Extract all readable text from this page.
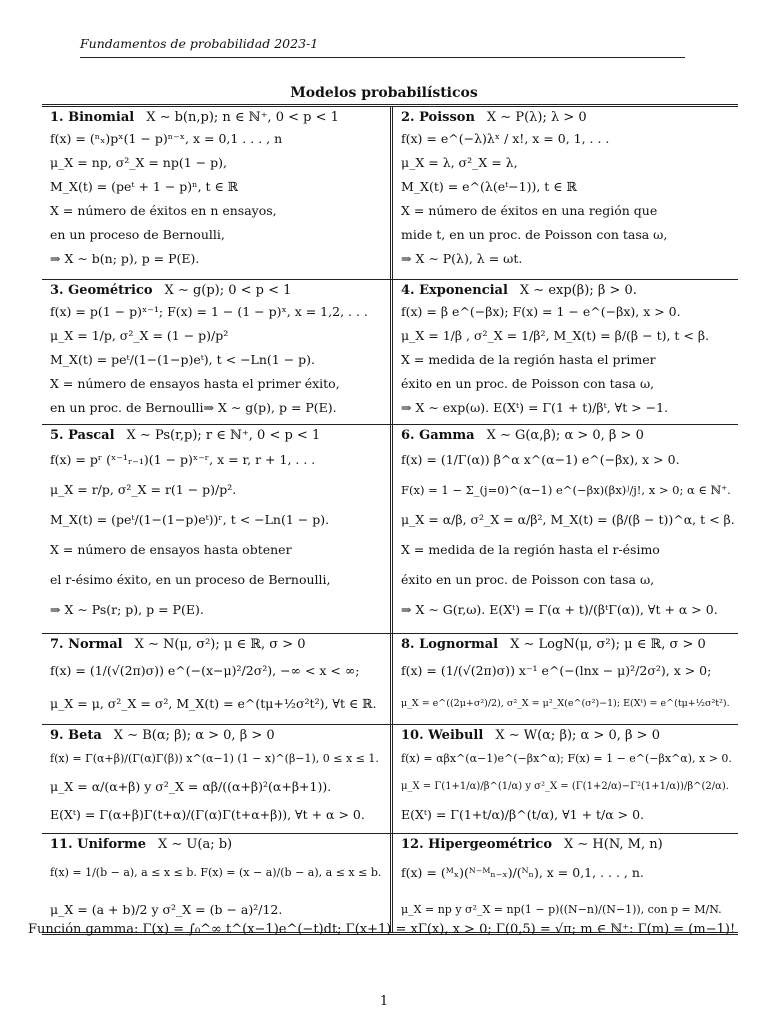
Fundamentos de probabilidad 2023-1
Modelos probabilísticos
1. Binomial X ∼ b(n,p); n ∈ ℕ⁺, 0 < p < 1
f(x) = (ⁿₓ)pˣ(1 − p)ⁿ⁻ˣ, x = 0,1 . . . , n
μ_X = np, σ²_X = np(1 − p),
M_X(t) = (peᵗ + 1 − p)ⁿ, t ∈ ℝ
X = número de éxitos en n ensayos,
en un proceso de Bernoulli,
⇒ X ∼ b(n; p), p = P(E).
2. Poisson X ∼ P(λ); λ > 0
f(x) = e^(−λ)λˣ / x!, x = 0, 1, . . .
μ_X = λ, σ²_X = λ,
M_X(t) = e^(λ(eᵗ−1)), t ∈ ℝ
X = número de éxitos en una región que
mide t, en un proc. de Poisson con tasa ω,
⇒ X ∼ P(λ), λ = ωt.
3. Geométrico X ∼ g(p); 0 < p < 1
f(x) = p(1 − p)ˣ⁻¹; F(x) = 1 − (1 − p)ˣ, x = 1,2, . . .
μ_X = 1/p, σ²_X = (1 − p)/p²
M_X(t) = peᵗ/(1−(1−p)eᵗ), t < −Ln(1 − p).
X = número de ensayos hasta el primer éxito,
en un proc. de Bernoulli⇒ X ∼ g(p), p = P(E).
4. Exponencial X ∼ exp(β); β > 0.
f(x) = β e^(−βx); F(x) = 1 − e^(−βx), x > 0.
μ_X = 1/β , σ²_X = 1/β², M_X(t) = β/(β − t), t < β.
X = medida de la región hasta el primer
éxito en un proc. de Poisson con tasa ω,
⇒ X ∼ exp(ω). E(Xᵗ) = Γ(1 + t)/βᵗ, ∀t > −1.
5. Pascal X ∼ Ps(r,p); r ∈ ℕ⁺, 0 < p < 1
f(x) = pʳ (ˣ⁻¹ᵣ₋₁)(1 − p)ˣ⁻ʳ, x = r, r + 1, . . .
μ_X = r/p, σ²_X = r(1 − p)/p².
M_X(t) = (peᵗ/(1−(1−p)eᵗ))ʳ, t < −Ln(1 − p).
X = número de ensayos hasta obtener
el r-ésimo éxito, en un proceso de Bernoulli,
⇒ X ∼ Ps(r; p), p = P(E).
6. Gamma X ∼ G(α,β); α > 0, β > 0
f(x) = (1/Γ(α)) β^α x^(α−1) e^(−βx), x > 0.
F(x) = 1 − Σ_(j=0)^(α−1) e^(−βx)(βx)ʲ/j!, x > 0; α ∈ ℕ⁺.
μ_X = α/β, σ²_X = α/β², M_X(t) = (β/(β − t))^α, t < β.
X = medida de la región hasta el r-ésimo
éxito en un proc. de Poisson con tasa ω,
⇒ X ∼ G(r,ω). E(Xᵗ) = Γ(α + t)/(βᵗΓ(α)), ∀t + α > 0.
7. Normal X ∼ N(μ, σ²); μ ∈ ℝ, σ > 0
f(x) = (1/(√(2π)σ)) e^(−(x−μ)²/2σ²), −∞ < x < ∞;
μ_X = μ, σ²_X = σ², M_X(t) = e^(tμ+½σ²t²), ∀t ∈ ℝ.
8. Lognormal X ∼ LogN(μ, σ²); μ ∈ ℝ, σ > 0
f(x) = (1/(√(2π)σ)) x⁻¹ e^(−(lnx − μ)²/2σ²), x > 0;
μ_X = e^((2μ+σ²)/2), σ²_X = μ²_X(e^(σ²)−1); E(Xᵗ) = e^(tμ+½σ²t²).
9. Beta X ∼ B(α; β); α > 0, β > 0
f(x) = Γ(α+β)/(Γ(α)Γ(β)) x^(α−1) (1 − x)^(β−1), 0 ≤ x ≤ 1.
μ_X = α/(α+β) y σ²_X = αβ/((α+β)²(α+β+1)).
E(Xᵗ) = Γ(α+β)Γ(t+α)/(Γ(α)Γ(t+α+β)), ∀t + α > 0.
10. Weibull X ∼ W(α; β); α > 0, β > 0
f(x) = αβx^(α−1)e^(−βx^α); F(x) = 1 − e^(−βx^α), x > 0.
μ_X = Γ(1+1/α)/β^(1/α) y σ²_X = (Γ(1+2/α)−Γ²(1+1/α))/β^(2/α).
E(Xᵗ) = Γ(1+t/α)/β^(t/α), ∀1 + t/α > 0.
11. Uniforme X ∼ U(a; b)
f(x) = 1/(b − a), a ≤ x ≤ b. F(x) = (x − a)/(b − a), a ≤ x ≤ b.
μ_X = (a + b)/2 y σ²_X = (b − a)²/12.
12. Hipergeométrico X ∼ H(N, M, n)
f(x) = (ᴹₓ)(ᴺ⁻ᴹₙ₋ₓ)/(ᴺₙ), x = 0,1, . . . , n.
μ_X = np y σ²_X = np(1 − p)((N−n)/(N−1)), con p = M/N.
Función gamma: Γ(x) = ∫₀^∞ t^(x−1)e^(−t)dt; Γ(x+1) = xΓ(x), x > 0; Γ(0,5) = √π; m ∈ ℕ⁺: Γ(m) = (m−1)!
1
